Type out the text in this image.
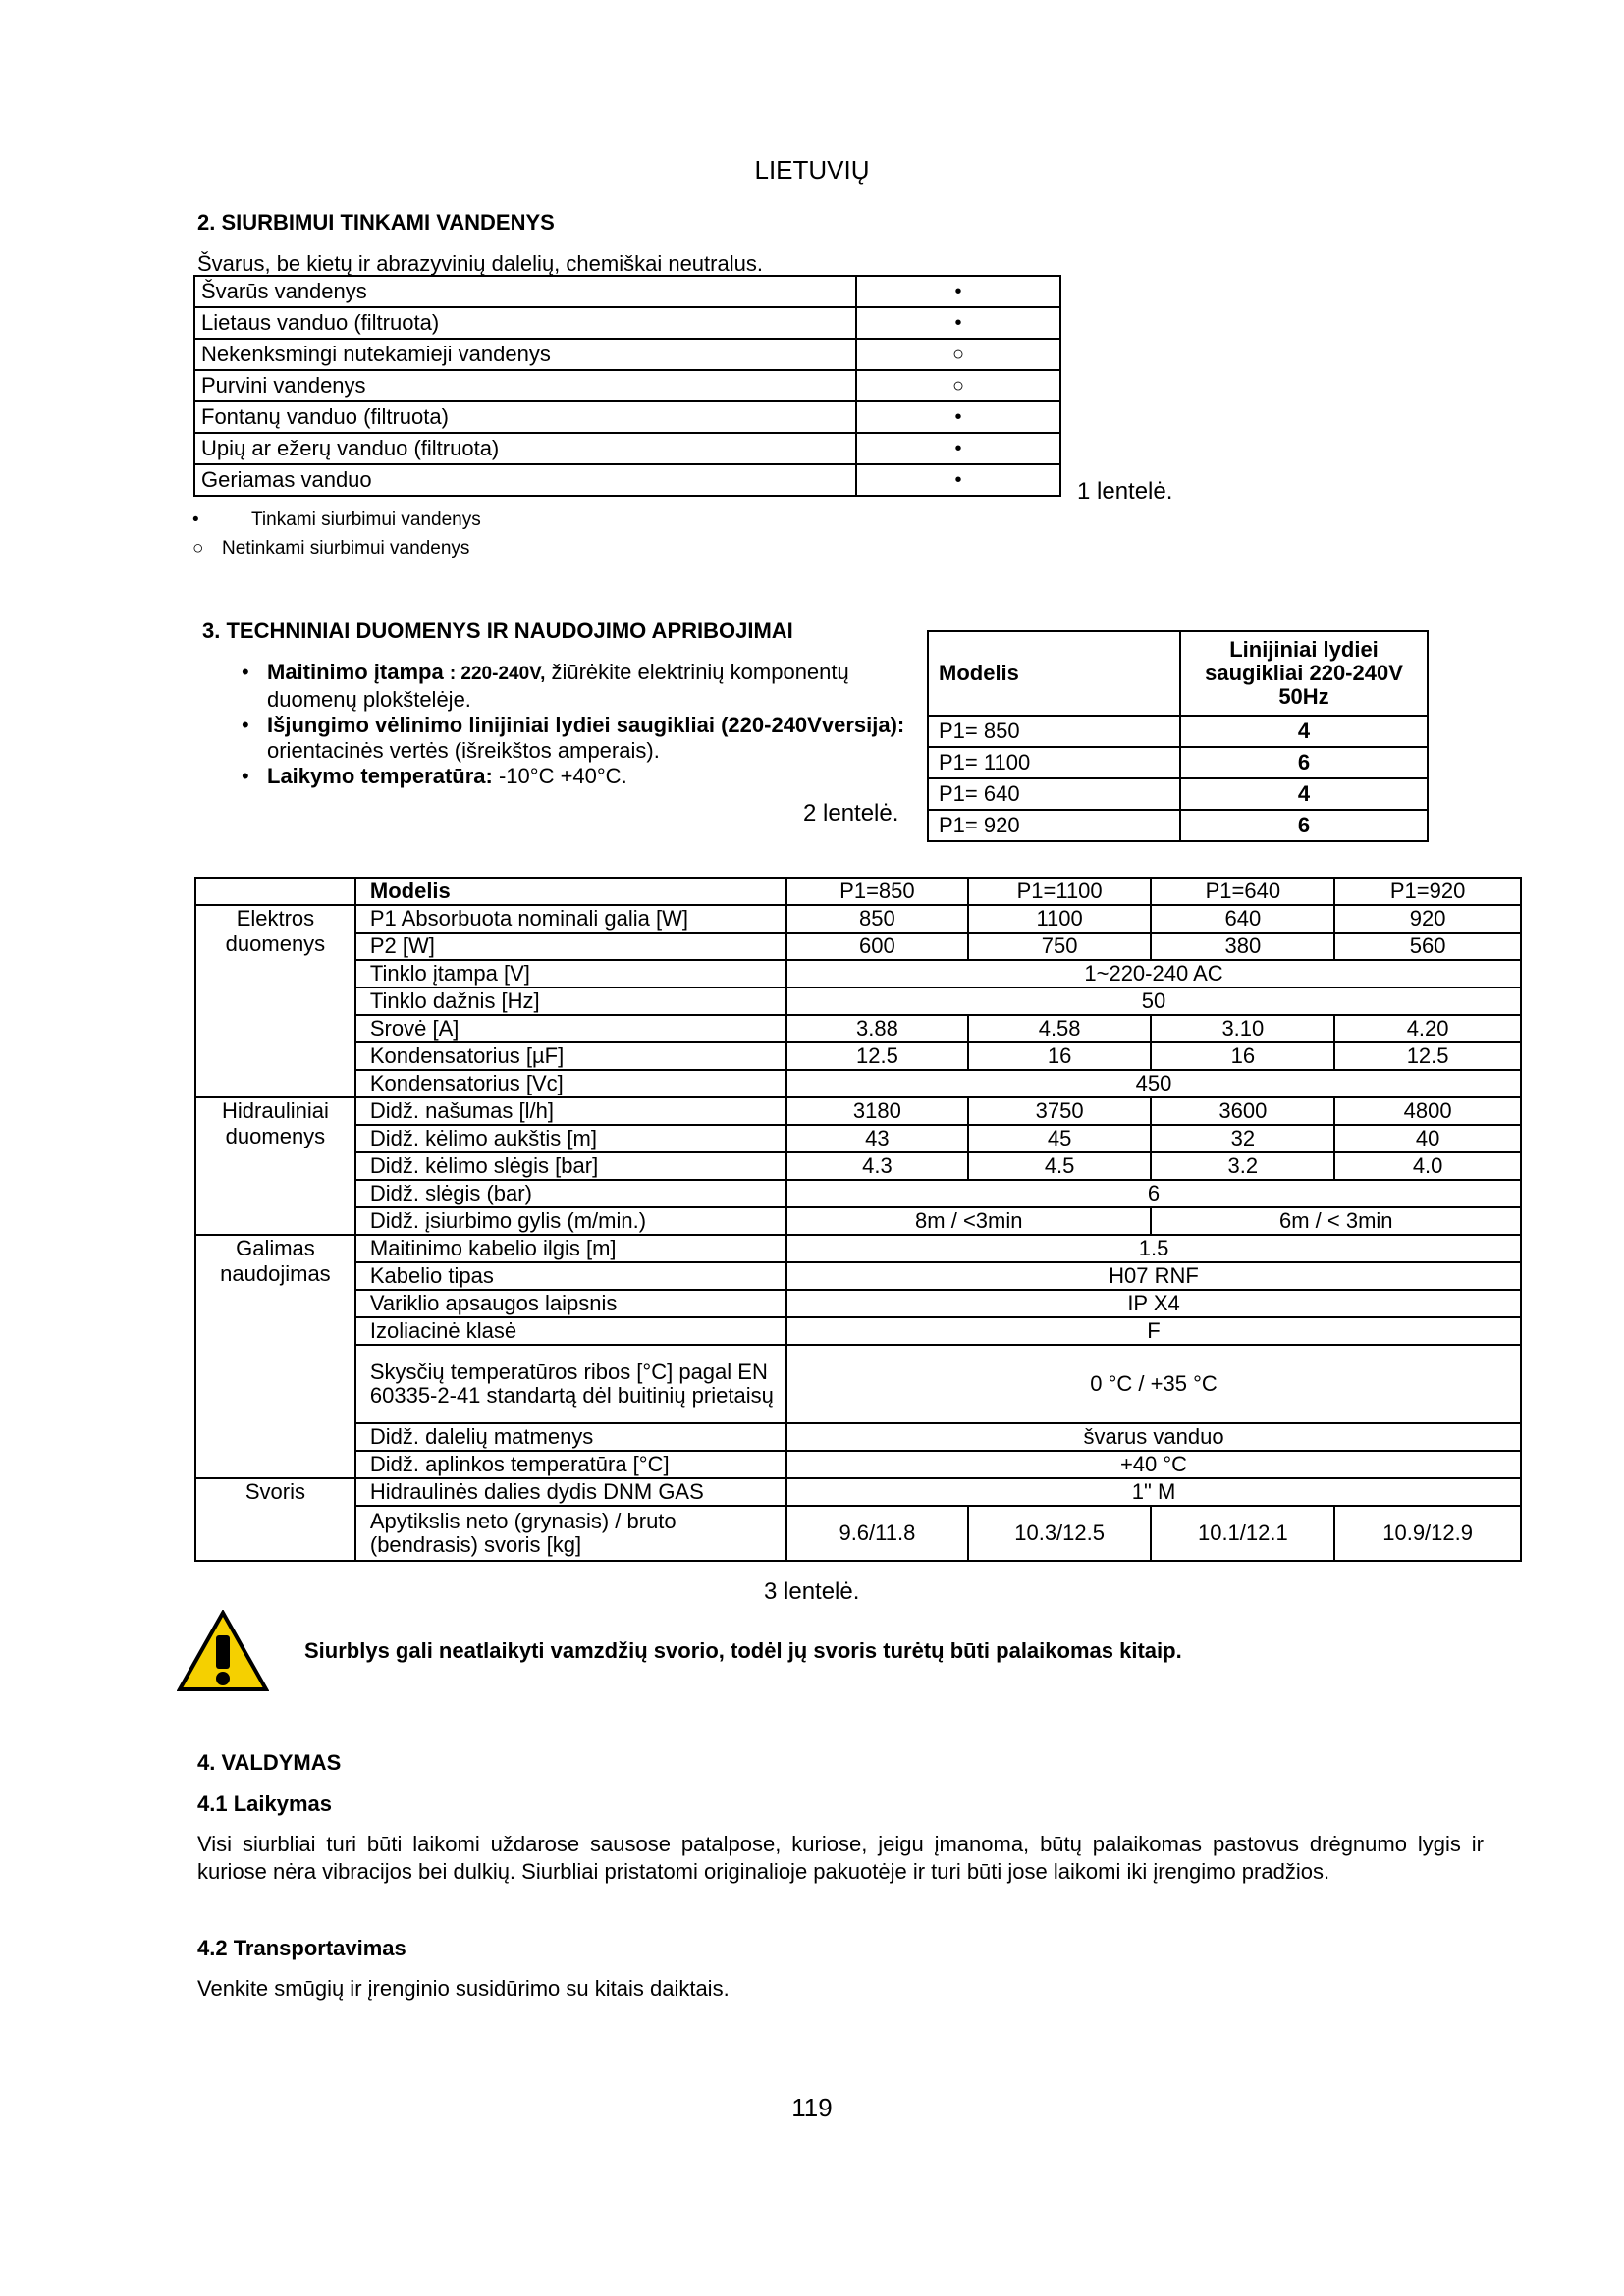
LIETUVIŲ
2. SIURBIMUI TINKAMI VANDENYS
Švarus, be kietų ir abrazyvinių dalelių, chemiškai neutralus.
Švarūs vandenys	•
Lietaus vanduo (filtruota)	•
Nekenksmingi nutekamieji vandenys	○
Purvini vandenys	○
Fontanų vanduo (filtruota)	•
Upių ar ežerų vanduo (filtruota)	•
Geriamas vanduo	•	1 lentelė.
•	Tinkami siurbimui vandenys
○ Netinkami siurbimui vandenys
3. TECHNINIAI DUOMENYS IR NAUDOJIMO APRIBOJIMAI
• Maitinimo įtampa : 220-240V, žiūrėkite elektrinių komponentų duomenų plokštelėje.
• Išjungimo vėlinimo linijiniai lydiei saugikliai (220-240Vversija): orientacinės vertės (išreikštos amperais).
• Laikymo temperatūra: -10°C +40°C.
2 lentelė.
Modelis	Linijiniai lydiei saugikliai 220-240V 50Hz
P1= 850	4
P1= 1100	6
P1= 640	4
P1= 920	6
	Modelis	P1=850	P1=1100	P1=640	P1=920
Elektros duomenys	P1 Absorbuota nominali galia [W]	850	1100	640	920
	P2 [W]	600	750	380	560
	Tinklo įtampa [V]	1~220-240 AC			
	Tinklo dažnis [Hz]	50			
	Srovė [A]	3.88	4.58	3.10	4.20
	Kondensatorius [µF]	12.5	16	16	12.5
	Kondensatorius [Vc]	450			
Hidrauliniai duomenys	Didž. našumas [l/h]	3180	3750	3600	4800
	Didž. kėlimo aukštis [m]	43	45	32	40
	Didž. kėlimo slėgis [bar]	4.3	4.5	3.2	4.0
	Didž. slėgis (bar)	6			
	Didž. įsiurbimo gylis (m/min.)	8m / <3min		6m / < 3min	
Galimas naudojimas	Maitinimo kabelio ilgis [m]	1.5			
	Kabelio tipas	H07 RNF			
	Variklio apsaugos laipsnis	IP X4			
	Izoliacinė klasė	F			
	Skysčių temperatūros ribos [°C] pagal EN 60335-2-41 standartą dėl buitinių prietaisų	0 °C / +35 °C			
	Didž. dalelių matmenys	švarus vanduo			
	Didž. aplinkos temperatūra [°C]	+40 °C			
Svoris	Hidraulinės dalies dydis DNM GAS	1" M			
	Apytikslis neto (grynasis) / bruto (bendrasis) svoris [kg]	9.6/11.8	10.3/12.5	10.1/12.1	10.9/12.9
3 lentelė.
Siurblys gali neatlaikyti vamzdžių svorio, todėl jų svoris turėtų būti palaikomas kitaip.
4. VALDYMAS
4.1 Laikymas
Visi siurbliai turi būti laikomi uždarose sausose patalpose, kuriose, jeigu įmanoma, būtų palaikomas pastovus drėgnumo lygis ir kuriose nėra vibracijos bei dulkių. Siurbliai pristatomi originalioje pakuotėje ir turi būti jose laikomi iki įrengimo pradžios.
4.2 Transportavimas
Venkite smūgių ir įrenginio susidūrimo su kitais daiktais.
119
